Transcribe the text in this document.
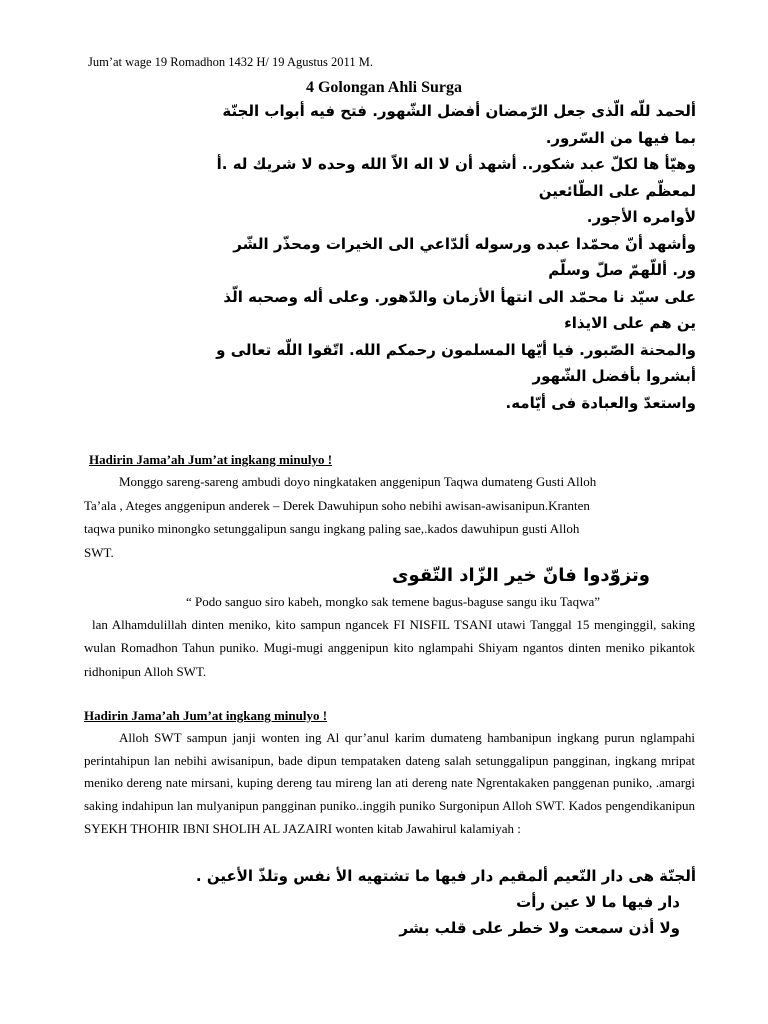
Jum’at wage 19 Romadhon 1432 H/ 19 Agustus 2011 M.
4 Golongan Ahli Surga
ألحمد للّه الّذى جعل الرّمضان أفضل الشّهور. فتح فيه أبواب الجنّة
بما فيها من السّرور.
وهيّأ ها لكلّ عبد شكور.. أشهد أن لا اله الاّ الله وحده لا شريك له .أ
لمعظّم على الطّائعين
لأوامره الأجور.
وأشهد أنّ محمّدا عبده ورسوله ألدّاعي الى الخيرات ومحذّر الشّر
ور. أللّهمّ صلّ وسلّم
على سيّد نا محمّد الى انتهأ الأزمان والدّهور. وعلى أله وصحبه الّذ
ين هم على الايذاء
والمحنة الصّبور. فيا أيّها المسلمون رحمكم الله. اتّقوا اللّه تعالى و
أبشروا بأفضل الشّهور
واستعدّ والعبادة فى أيّامه.
Hadirin Jama’ah Jum’at ingkang minulyo !

Monggo sareng-sareng ambudi doyo ningkataken anggenipun Taqwa dumateng Gusti Alloh

Ta’ala , Ateges anggenipun anderek – Derek Dawuhipun soho nebihi awisan-awisanipun.Kranten

taqwa puniko minongko setunggalipun sangu ingkang paling sae,.kados dawuhipun gusti Alloh

SWT.

وتزوّدوا فانّ خير الزّاد التّقوى
“ Podo sanguo siro kabeh, mongko sak temene bagus-baguse sangu iku Taqwa”
lan Alhamdulillah dinten meniko, kito sampun ngancek FI NISFIL TSANI utawi Tanggal 15 menginggil, saking wulan Romadhon Tahun puniko. Mugi-mugi anggenipun kito nglampahi Shiyam ngantos dinten meniko pikantok ridhonipun Alloh SWT.
Hadirin Jama’ah Jum’at ingkang minulyo !

Alloh SWT sampun janji wonten ing Al qur’anul karim dumateng hambanipun ingkang purun nglampahi perintahipun lan nebihi awisanipun, bade dipun tempataken dateng salah setunggalipun pangginan, ingkang mripat meniko dereng nate mirsani, kuping dereng tau mireng lan ati dereng nate Ngrentakaken panggenan puniko, .amargi saking indahipun lan mulyanipun pangginan puniko..inggih puniko Surgonipun Alloh SWT. Kados pengendikanipun SYEKH THOHIR IBNI SHOLIH AL JAZAIRI wonten kitab Jawahirul kalamiyah :

ألجنّة هى دار النّعيم ألمقيم دار فيها ما تشتهيه الأ نفس وتلذّ الأعين .
دار فيها ما لا عين رأت
ولا أذن سمعت ولا خطر على قلب بشر
